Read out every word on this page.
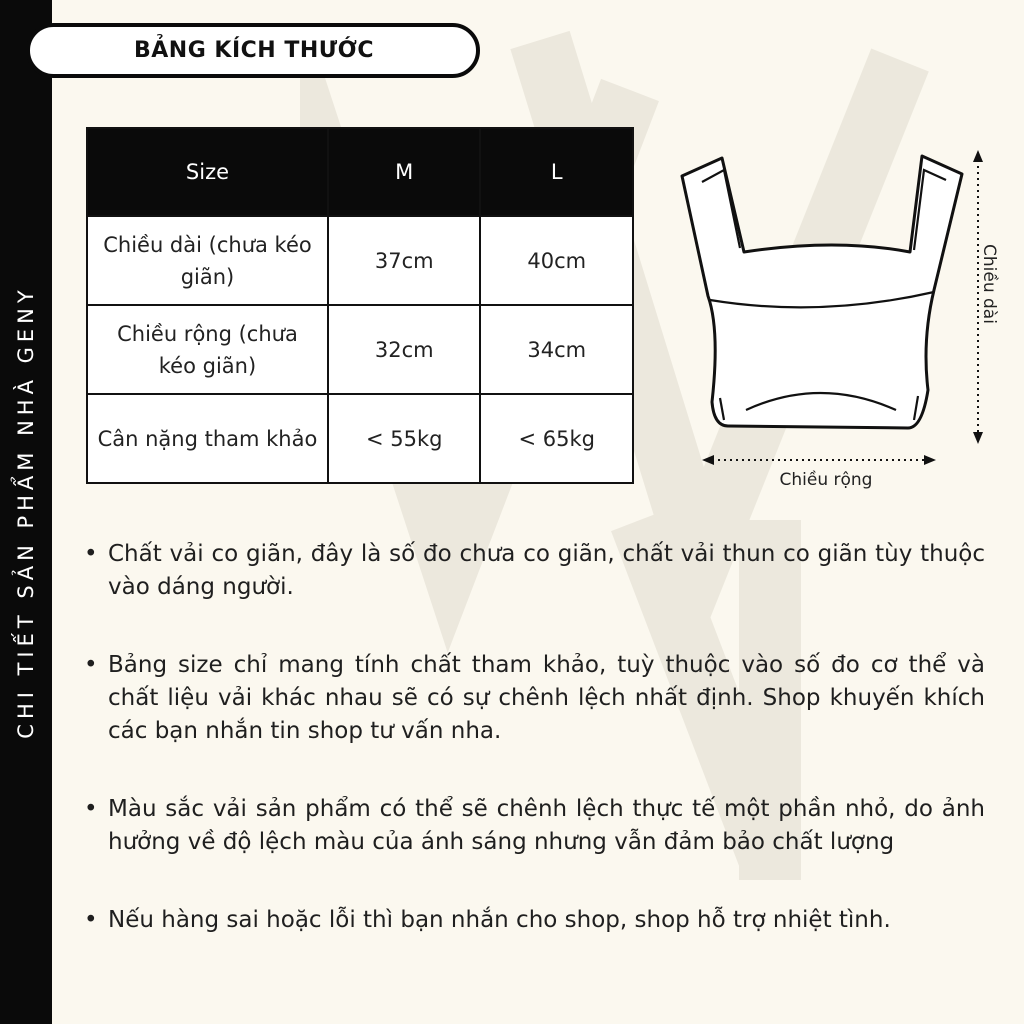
CHI TIẾT SẢN PHẨM NHÀ GENY
BẢNG KÍCH THƯỚC
Size	M	L
Chiều dài (chưa kéo giãn)	37cm	40cm
Chiều rộng (chưa kéo giãn)	32cm	34cm
Cân nặng tham khảo	< 55kg	< 65kg
Chiều dài
Chiều rộng
• Chất vải co giãn, đây là số đo chưa co giãn, chất vải thun co giãn tùy thuộc vào dáng người.
• Bảng size chỉ mang tính chất tham khảo, tuỳ thuộc vào số đo cơ thể và chất liệu vải khác nhau sẽ có sự chênh lệch nhất định. Shop khuyến khích các bạn nhắn tin shop tư vấn nha.
• Màu sắc vải sản phẩm có thể sẽ chênh lệch thực tế một phần nhỏ, do ảnh hưởng về độ lệch màu của ánh sáng nhưng vẫn đảm bảo chất lượng
• Nếu hàng sai hoặc lỗi thì bạn nhắn cho shop, shop hỗ trợ nhiệt tình.
